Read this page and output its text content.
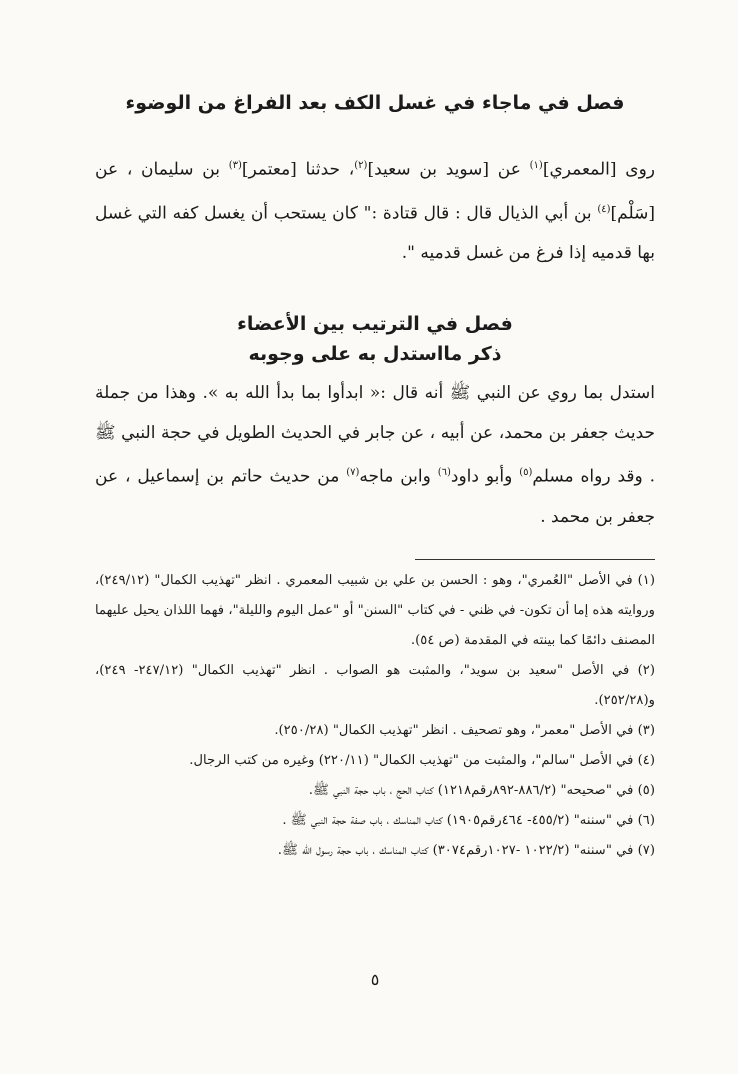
فصل في ماجاء في غسل الكف بعد الفراغ من الوضوء

روى [المعمري]$^{(١)}$ عن [سويد بن سعيد]$^{(٢)}$، حدثنا [معتمر]$^{(٣)}$ بن سليمان ، عن [سَلْم]$^{(٤)}$ بن أبي الذيال قال : قال قتادة :" كان يستحب أن يغسل كفه التي غسل بها قدميه إذا فرغ من غسل قدميه ".

فصل في الترتيب بين الأعضاء
ذكر مااستدل به على وجوبه

استدل بما روي عن النبي ﷺ أنه قال :« ابدأوا بما بدأ الله به ». وهذا من جملة حديث جعفر بن محمد، عن أبيه ، عن جابر في الحديث الطويل في حجة النبي ﷺ . وقد رواه مسلم$^{(٥)}$ وأبو داود$^{(٦)}$ وابن ماجه$^{(٧)}$ من حديث حاتم بن إسماعيل ، عن جعفر بن محمد .

(١) في الأصل "العُمري"، وهو : الحسن بن علي بن شبيب المعمري . انظر "تهذيب الكمال" (٢٤٩/١٢)، وروايته هذه إما أن تكون- في ظني - في كتاب "السنن" أو "عمل اليوم والليلة"، فهما اللذان يحيل عليهما المصنف دائمًا كما بينته في المقدمة (ص ٥٤).
(٢) في الأصل "سعيد بن سويد"، والمثبت هو الصواب . انظر "تهذيب الكمال" (٢٤٧/١٢- ٢٤٩)، و(٢٥٢/٢٨).
(٣) في الأصل "معمر"، وهو تصحيف . انظر "تهذيب الكمال" (٢٥٠/٢٨).
(٤) في الأصل "سالم"، والمثبت من "تهذيب الكمال" (٢٢٠/١١) وغيره من كتب الرجال.
(٥) في "صحيحه" (٨٨٦/٢-٨٩٢رقم١٢١٨) كتاب الحج ، باب حجة النبي ﷺ.
(٦) في "سننه" (٤٥٥/٢- ٤٦٤رقم١٩٠٥) كتاب المناسك ، باب صفة حجة النبي ﷺ .
(٧) في "سننه" (١٠٢٢/٢ -١٠٢٧رقم٣٠٧٤) كتاب المناسك ، باب حجة رسول الله ﷺ.
٥
